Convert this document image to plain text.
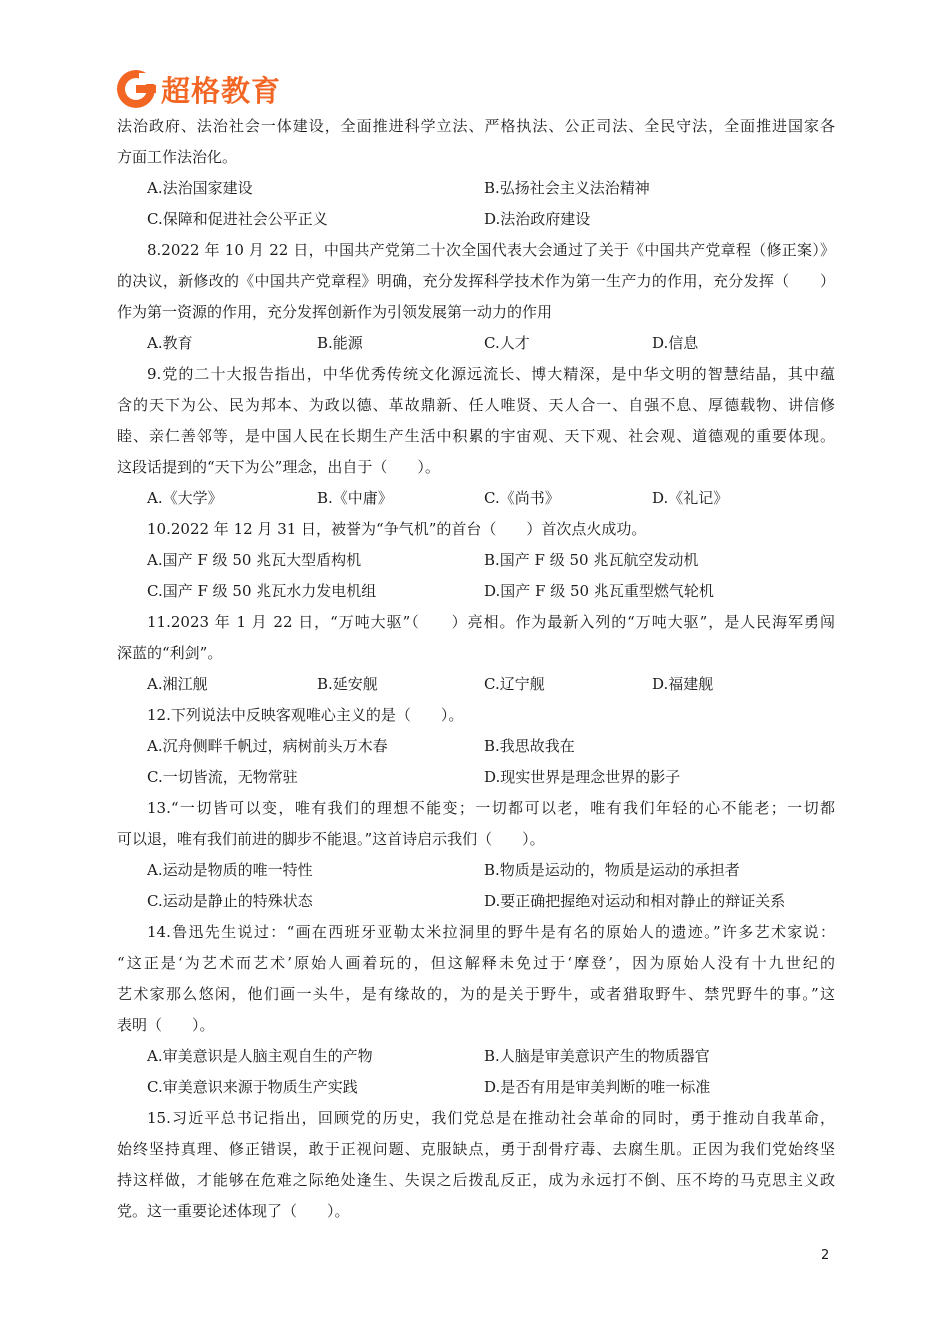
超格教育
法治政府、法治社会一体建设，全面推进科学立法、严格执法、公正司法、全民守法，全面推进国家各
方面工作法治化。
A.法治国家建设	B.弘扬社会主义法治精神
C.保障和促进社会公平正义	D.法治政府建设
8.2022 年 10 月 22 日，中国共产党第二十次全国代表大会通过了关于《中国共产党章程（修正案）》
的决议，新修改的《中国共产党章程》明确，充分发挥科学技术作为第一生产力的作用，充分发挥（　　）
作为第一资源的作用，充分发挥创新作为引领发展第一动力的作用
A.教育	B.能源	C.人才	D.信息
9.党的二十大报告指出，中华优秀传统文化源远流长、博大精深，是中华文明的智慧结晶，其中蕴
含的天下为公、民为邦本、为政以德、革故鼎新、任人唯贤、天人合一、自强不息、厚德载物、讲信修
睦、亲仁善邻等，是中国人民在长期生产生活中积累的宇宙观、天下观、社会观、道德观的重要体现。
这段话提到的“天下为公”理念，出自于（　　）。
A.《大学》	B.《中庸》	C.《尚书》	D.《礼记》
10.2022 年 12 月 31 日，被誉为“争气机”的首台（　　）首次点火成功。
A.国产 F 级 50 兆瓦大型盾构机	B.国产 F 级 50 兆瓦航空发动机
C.国产 F 级 50 兆瓦水力发电机组	D.国产 F 级 50 兆瓦重型燃气轮机
11.2023 年 1 月 22 日，“万吨大驱”（　　）亮相。作为最新入列的“万吨大驱”，是人民海军勇闯
深蓝的“利剑”。
A.湘江舰	B.延安舰	C.辽宁舰	D.福建舰
12.下列说法中反映客观唯心主义的是（　　）。
A.沉舟侧畔千帆过，病树前头万木春	B.我思故我在
C.一切皆流，无物常驻	D.现实世界是理念世界的影子
13.“一切皆可以变，唯有我们的理想不能变；一切都可以老，唯有我们年轻的心不能老；一切都
可以退，唯有我们前进的脚步不能退。”这首诗启示我们（　　）。
A.运动是物质的唯一特性	B.物质是运动的，物质是运动的承担者
C.运动是静止的特殊状态	D.要正确把握绝对运动和相对静止的辩证关系
14.鲁迅先生说过：“画在西班牙亚勒太米拉洞里的野牛是有名的原始人的遗迹。”许多艺术家说：
“这正是‘为艺术而艺术’原始人画着玩的，但这解释未免过于‘摩登’，因为原始人没有十九世纪的
艺术家那么悠闲，他们画一头牛，是有缘故的，为的是关于野牛，或者猎取野牛、禁咒野牛的事。”这
表明（　　）。
A.审美意识是人脑主观自生的产物	B.人脑是审美意识产生的物质器官
C.审美意识来源于物质生产实践	D.是否有用是审美判断的唯一标准
15.习近平总书记指出，回顾党的历史，我们党总是在推动社会革命的同时，勇于推动自我革命，
始终坚持真理、修正错误，敢于正视问题、克服缺点，勇于刮骨疗毒、去腐生肌。正因为我们党始终坚
持这样做，才能够在危难之际绝处逢生、失误之后拨乱反正，成为永远打不倒、压不垮的马克思主义政
党。这一重要论述体现了（　　）。
2
